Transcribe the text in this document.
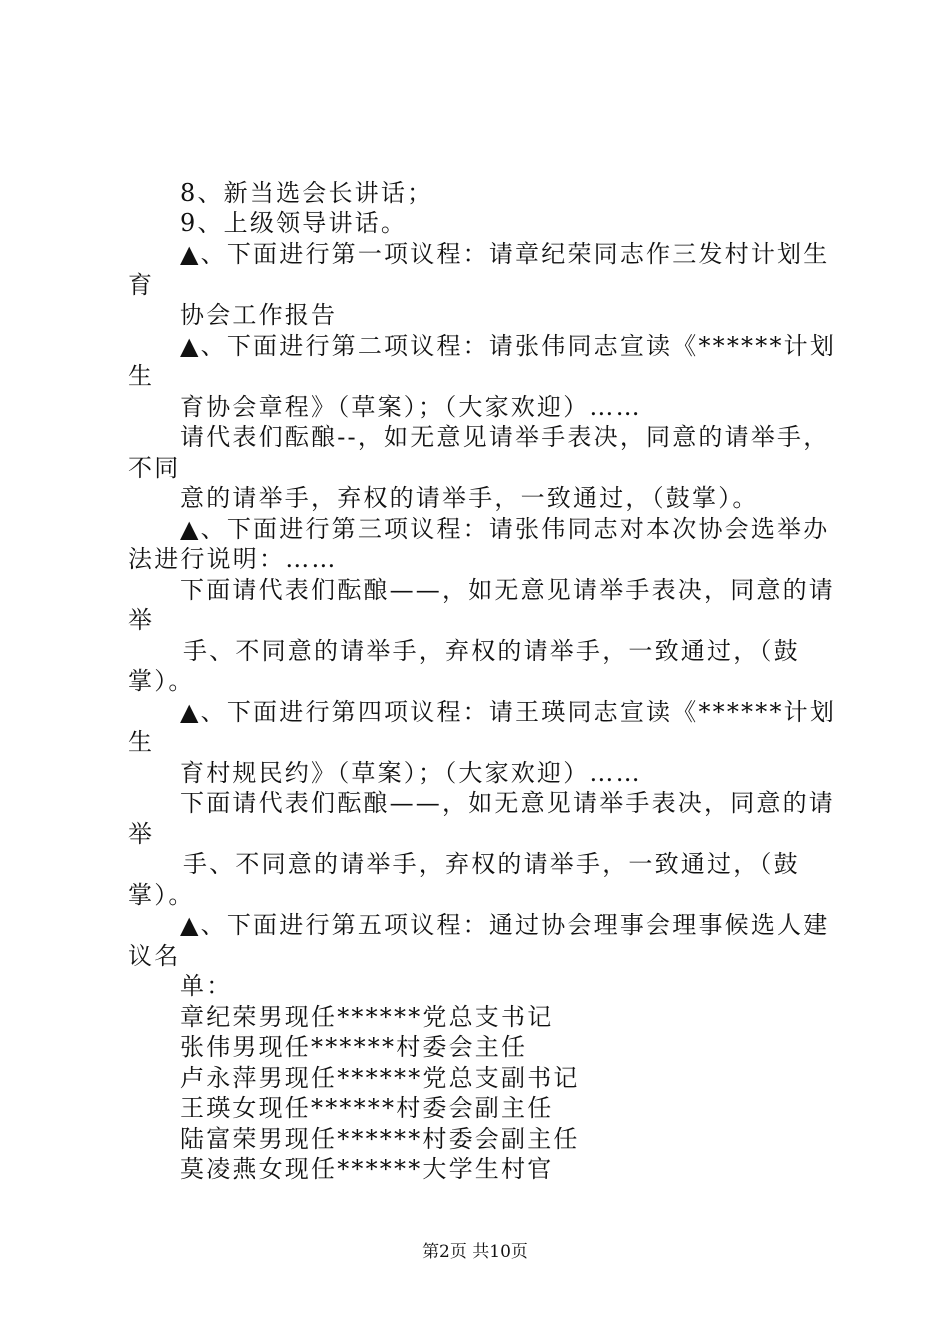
8、新当选会长讲话；
9、上级领导讲话。
▲、下面进行第一项议程：请章纪荣同志作三发村计划生
育
协会工作报告
▲、下面进行第二项议程：请张伟同志宣读《******计划
生
育协会章程》（草案）；（大家欢迎）……
请代表们酝酿--，如无意见请举手表决，同意的请举手，
不同
意的请举手，弃权的请举手，一致通过，（鼓掌）。
▲、下面进行第三项议程：请张伟同志对本次协会选举办
法进行说明：……
下面请代表们酝酿——，如无意见请举手表决，同意的请
举
手、不同意的请举手，弃权的请举手，一致通过，（鼓
掌）。
▲、下面进行第四项议程：请王瑛同志宣读《******计划
生
育村规民约》（草案）；（大家欢迎）……
下面请代表们酝酿——，如无意见请举手表决，同意的请
举
手、不同意的请举手，弃权的请举手，一致通过，（鼓
掌）。
▲、下面进行第五项议程：通过协会理事会理事候选人建
议名
单：
章纪荣男现任******党总支书记
张伟男现任******村委会主任
卢永萍男现任******党总支副书记
王瑛女现任******村委会副主任
陆富荣男现任******村委会副主任
莫凌燕女现任******大学生村官
第2页 共10页
